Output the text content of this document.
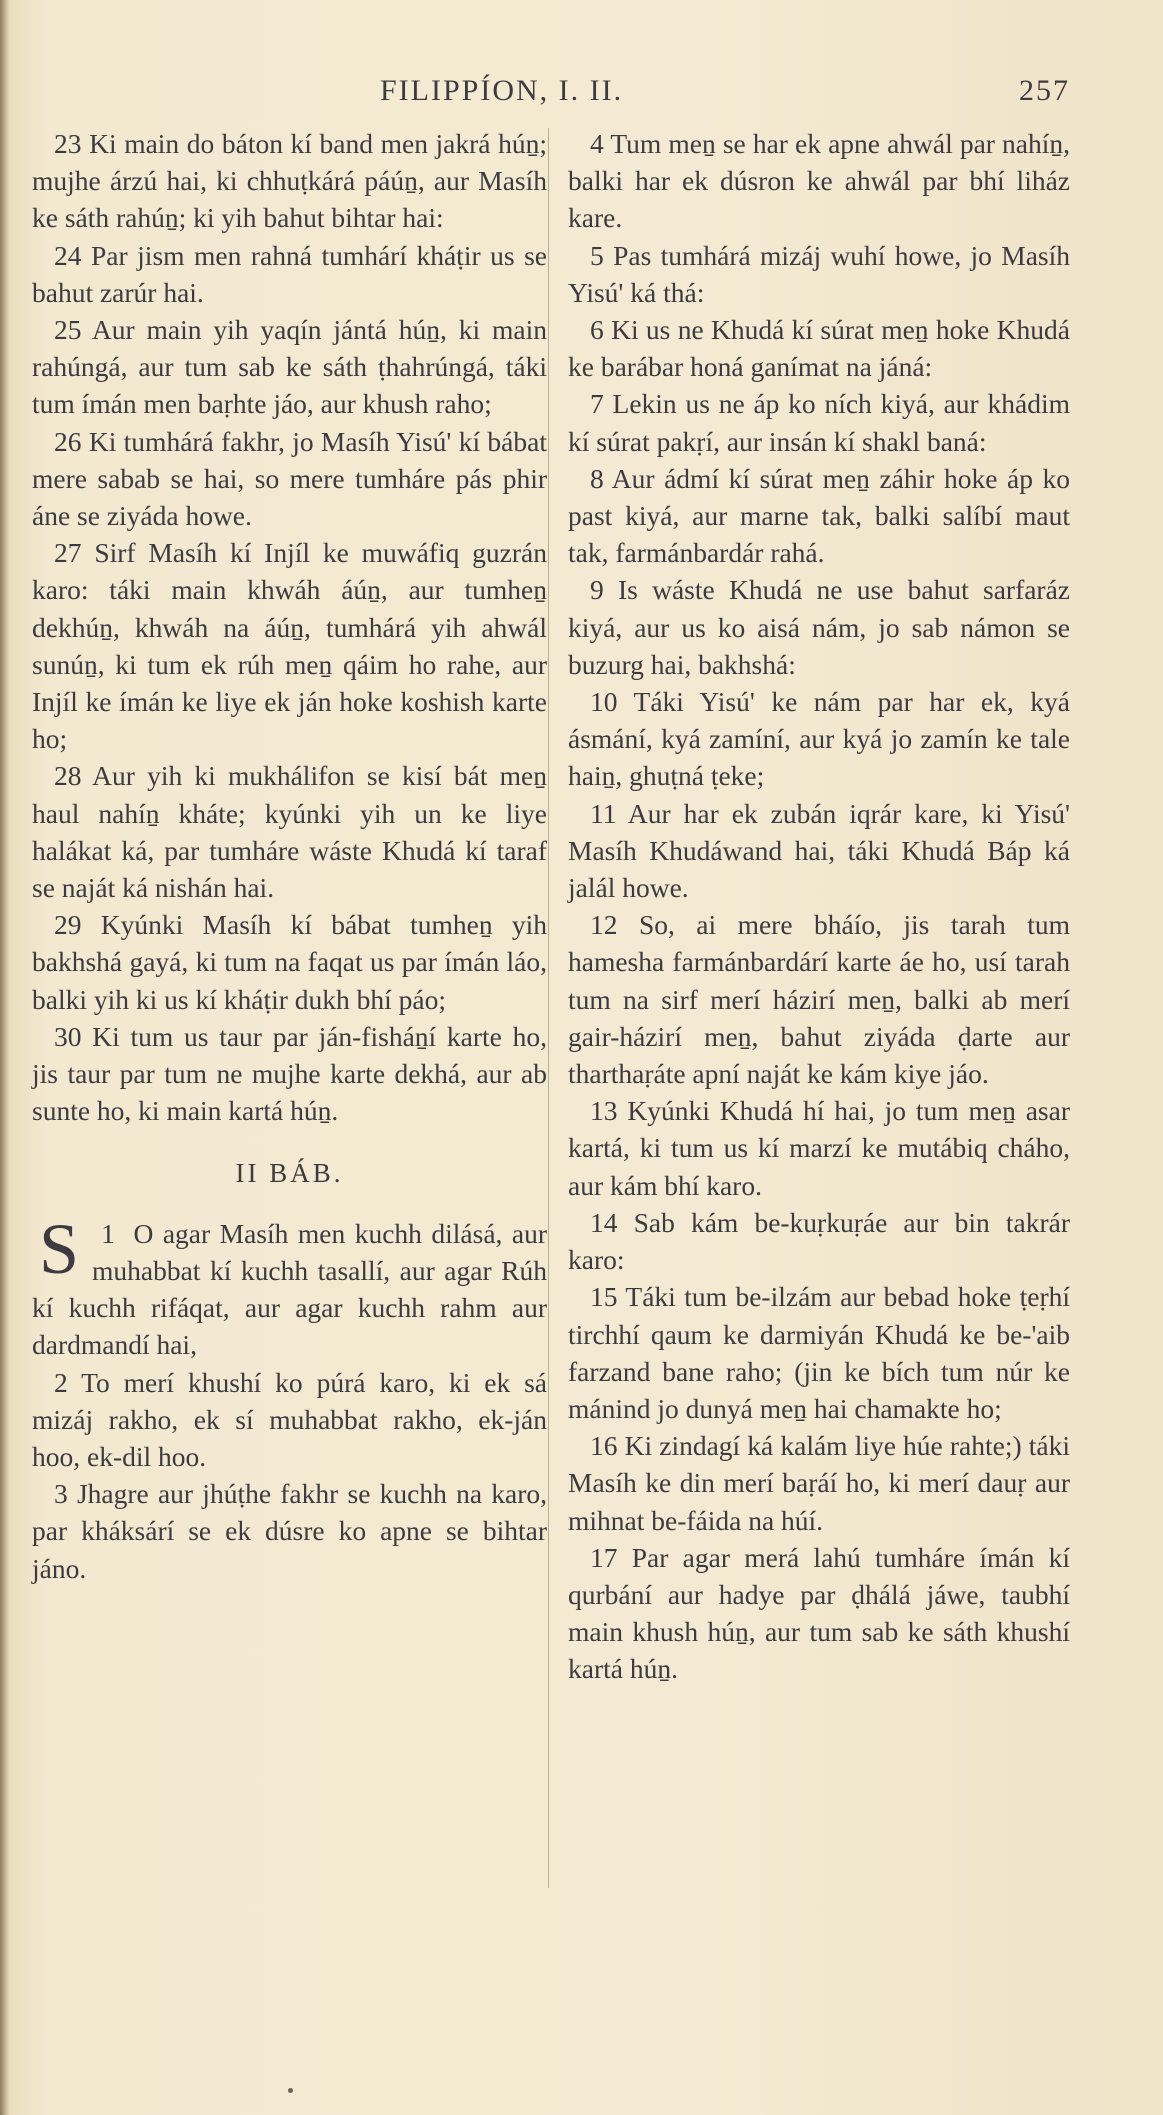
FILIPPÍON, I. II.	257

23 Ki main do báton kí band men jakrá húṉ; mujhe árzú hai, ki chhuṭkárá páúṉ, aur Masíh ke sáth rahúṉ; ki yih bahut bihtar hai:

24 Par jism men rahná tumhárí kháṭir us se bahut zarúr hai.

25 Aur main yih yaqín jántá húṉ, ki main rahúngá, aur tum sab ke sáth ṭhahrúngá, táki tum ímán men baṛhte jáo, aur khush raho;

26 Ki tumhárá fakhr, jo Masíh Yisú' kí bábat mere sabab se hai, so mere tumháre pás phir áne se ziyáda howe.

27 Sirf Masíh kí Injíl ke muwáfiq guzrán karo: táki main khwáh áúṉ, aur tumheṉ dekhúṉ, khwáh na áúṉ, tumhárá yih ahwál sunúṉ, ki tum ek rúh meṉ qáim ho rahe, aur Injíl ke ímán ke liye ek ján hoke koshish karte ho;

28 Aur yih ki mukhálifon se kisí bát meṉ haul nahíṉ kháte; kyúnki yih un ke liye halákat ká, par tumháre wáste Khudá kí taraf se naját ká nishán hai.

29 Kyúnki Masíh kí bábat tumheṉ yih bakhshá gayá, ki tum na faqat us par ímán láo, balki yih ki us kí kháṭir dukh bhí páo;

30 Ki tum us taur par ján-fisháṉí karte ho, jis taur par tum ne mujhe karte dekhá, aur ab sunte ho, ki main kartá húṉ.

II BÁB.

1
S O agar Masíh men kuchh dilásá, aur muhabbat kí kuchh tasallí, aur agar Rúh kí kuchh rifáqat, aur agar kuchh rahm aur dardmandí hai,

2 To merí khushí ko púrá karo, ki ek sá mizáj rakho, ek sí muhabbat rakho, ek-ján hoo, ek-dil hoo.

3 Jhagre aur jhúṭhe fakhr se kuchh na karo, par kháksárí se ek dúsre ko apne se bihtar jáno.

4 Tum meṉ se har ek apne ahwál par nahíṉ, balki har ek dúsron ke ahwál par bhí liház kare.

5 Pas tumhárá mizáj wuhí howe, jo Masíh Yisú' ká thá:

6 Ki us ne Khudá kí súrat meṉ hoke Khudá ke barábar honá ganímat na jáná:

7 Lekin us ne áp ko ních kiyá, aur khádim kí súrat pakṛí, aur insán kí shakl baná:

8 Aur ádmí kí súrat meṉ záhir hoke áp ko past kiyá, aur marne tak, balki salíbí maut tak, farmánbardár rahá.

9 Is wáste Khudá ne use bahut sarfaráz kiyá, aur us ko aisá nám, jo sab námon se buzurg hai, bakhshá:

10 Táki Yisú' ke nám par har ek, kyá ásmání, kyá zamíní, aur kyá jo zamín ke tale haiṉ, ghuṭná ṭeke;

11 Aur har ek zubán iqrár kare, ki Yisú' Masíh Khudáwand hai, táki Khudá Báp ká jalál howe.

12 So, ai mere bháío, jis tarah tum hamesha farmánbardárí karte áe ho, usí tarah tum na sirf merí házirí meṉ, balki ab merí gair-házirí meṉ, bahut ziyáda ḍarte aur tharthaṛáte apní naját ke kám kiye jáo.

13 Kyúnki Khudá hí hai, jo tum meṉ asar kartá, ki tum us kí marzí ke mutábiq cháho, aur kám bhí karo.

14 Sab kám be-kuṛkuṛáe aur bin takrár karo:

15 Táki tum be-ilzám aur bebad hoke ṭeṛhí tirchhí qaum ke darmiyán Khudá ke be-'aib farzand bane raho; (jin ke bích tum núr ke mánind jo dunyá meṉ hai chamakte ho;

16 Ki zindagí ká kalám liye húe rahte;) táki Masíh ke din merí baṛáí ho, ki merí dauṛ aur mihnat be-fáida na húí.

17 Par agar merá lahú tumháre ímán kí qurbání aur hadye par ḍhálá jáwe, taubhí main khush húṉ, aur tum sab ke sáth khushí kartá húṉ.
